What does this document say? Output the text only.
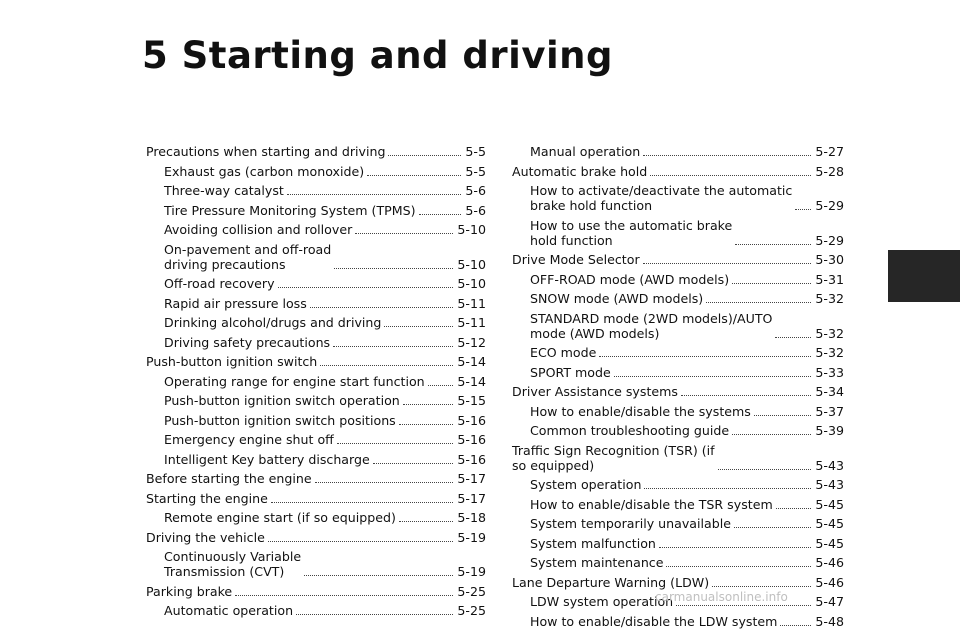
5 Starting and driving
Precautions when starting and driving	5-5
Exhaust gas (carbon monoxide)	5-5
Three-way catalyst	5-6
Tire Pressure Monitoring System (TPMS)	5-6
Avoiding collision and rollover	5-10
On-pavement and off-road
driving precautions	5-10
Off-road recovery	5-10
Rapid air pressure loss	5-11
Drinking alcohol/drugs and driving	5-11
Driving safety precautions	5-12
Push-button ignition switch	5-14
Operating range for engine start function	5-14
Push-button ignition switch operation	5-15
Push-button ignition switch positions	5-16
Emergency engine shut off	5-16
Intelligent Key battery discharge	5-16
Before starting the engine	5-17
Starting the engine	5-17
Remote engine start (if so equipped)	5-18
Driving the vehicle	5-19
Continuously Variable
Transmission (CVT)	5-19
Parking brake	5-25
Automatic operation	5-25
Manual operation	5-27
Automatic brake hold	5-28
How to activate/deactivate the automatic
brake hold function	5-29
How to use the automatic brake
hold function	5-29
Drive Mode Selector	5-30
OFF-ROAD mode (AWD models)	5-31
SNOW mode (AWD models)	5-32
STANDARD mode (2WD models)/AUTO
mode (AWD models)	5-32
ECO mode	5-32
SPORT mode	5-33
Driver Assistance systems	5-34
How to enable/disable the systems	5-37
Common troubleshooting guide	5-39
Traffic Sign Recognition (TSR) (if
so equipped)	5-43
System operation	5-43
How to enable/disable the TSR system	5-45
System temporarily unavailable	5-45
System malfunction	5-45
System maintenance	5-46
Lane Departure Warning (LDW)	5-46
LDW system operation	5-47
How to enable/disable the LDW system	5-48
carmanualsonline.info
